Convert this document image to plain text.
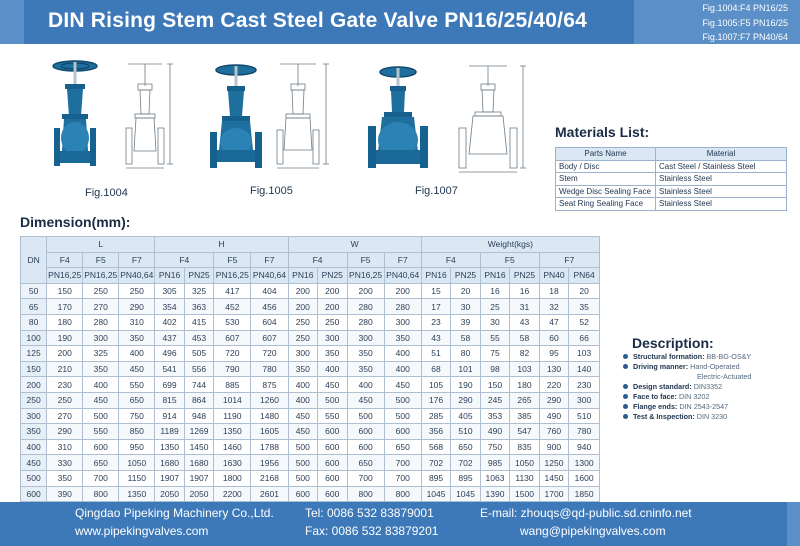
DIN Rising Stem Cast Steel Gate Valve PN16/25/40/64
Fig.1004:F4 PN16/25
Fig.1005:F5 PN16/25
Fig.1007:F7 PN40/64
Fig.1004	Fig.1005	Fig.1007
Materials List:
Parts Name	Material
Body / Disc	Cast Steel / Stainless Steel
Stem	Stainless Steel
Wedge Disc Sealing Face	Stainless Steel
Seat Ring Sealing Face	Stainless Steel
Dimension(mm):
DN	L			H				W				Weight(kgs)					
	F4	F5	F7	F4		F5	F7	F4		F5	F7	F4		F5		F7	
	PN16,25	PN16,25	PN40,64	PN16	PN25	PN16,25	PN40,64	PN16	PN25	PN16,25	PN40,64	PN16	PN25	PN16	PN25	PN40	PN64
50	150	250	250	305	325	417	404	200	200	200	200	15	20	16	16	18	20
65	170	270	290	354	363	452	456	200	200	280	280	17	30	25	31	32	35
80	180	280	310	402	415	530	604	250	250	280	300	23	39	30	43	47	52
100	190	300	350	437	453	607	607	250	300	300	350	43	58	55	58	60	66
125	200	325	400	496	505	720	720	300	350	350	400	51	80	75	82	95	103
150	210	350	450	541	556	790	780	350	400	350	400	68	101	98	103	130	140
200	230	400	550	699	744	885	875	400	450	400	450	105	190	150	180	220	230
250	250	450	650	815	864	1014	1260	400	500	450	500	176	290	245	265	290	300
300	270	500	750	914	948	1190	1480	450	550	500	500	285	405	353	385	490	510
350	290	550	850	1189	1269	1350	1605	450	600	600	600	356	510	490	547	760	780
400	310	600	950	1350	1450	1460	1788	500	600	600	650	568	650	750	835	900	940
450	330	650	1050	1680	1680	1630	1956	500	600	650	700	702	702	985	1050	1250	1300
500	350	700	1150	1907	1907	1800	2168	500	600	700	700	895	895	1063	1130	1450	1600
600	390	800	1350	2050	2050	2200	2601	600	600	800	800	1045	1045	1390	1500	1700	1850
Description:
Structural formation: BB-BG-OS&Y
Driving manner: Hand-Operated
Electric-Actuated
Design standard: DIN3352
Face to face: DIN 3202
Flange ends: DIN 2543-2547
Test & Inspection: DIN 3230
Qingdao Pipeking Machinery Co.,Ltd.	Tel: 0086 532 83879001	E-mail: zhouqs@qd-public.sd.cninfo.net
www.pipekingvalves.com	Fax: 0086 532 83879201	wang@pipekingvalves.com
